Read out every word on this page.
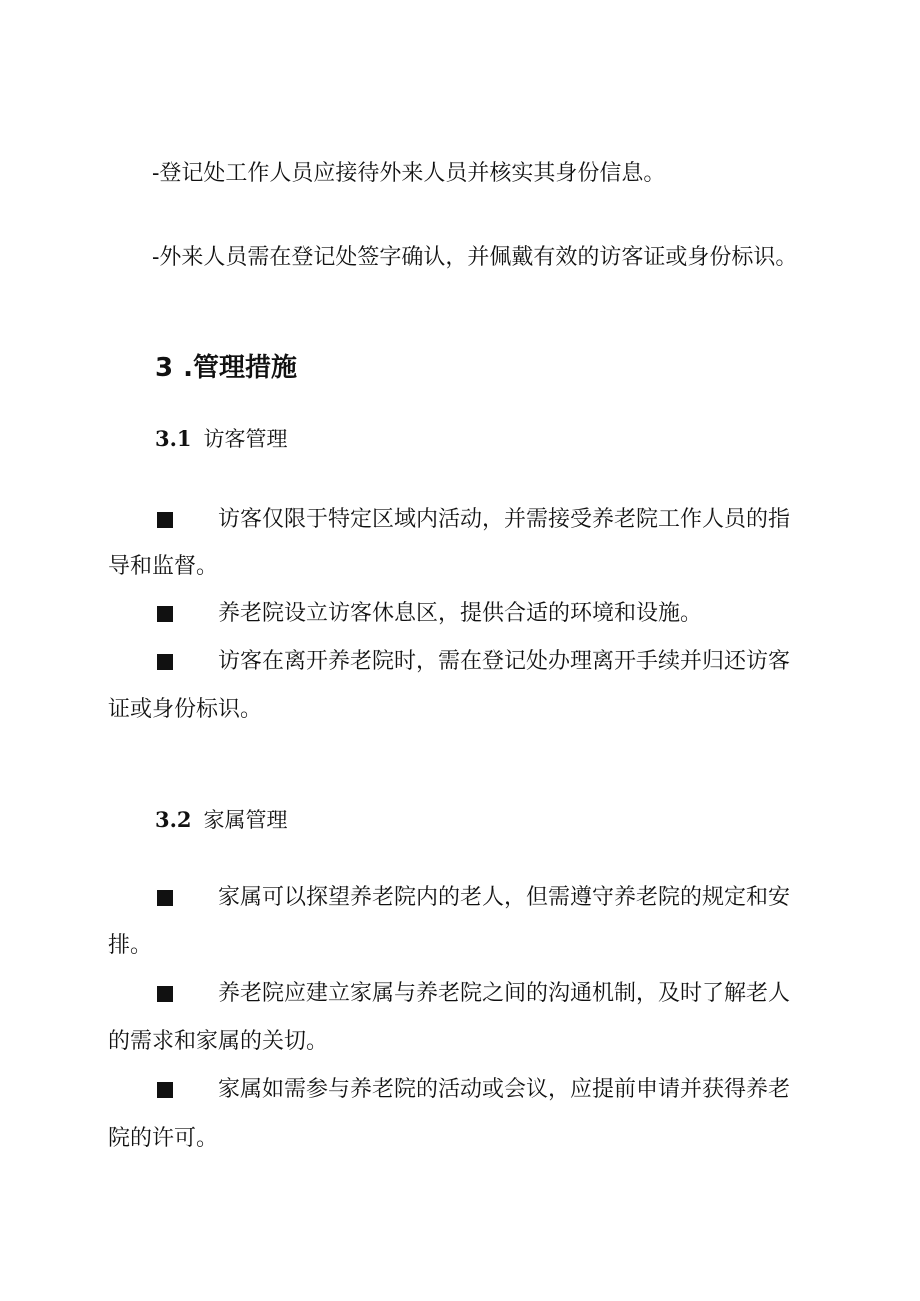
-登记处工作人员应接待外来人员并核实其身份信息。
-外来人员需在登记处签字确认，并佩戴有效的访客证或身份标识。
3 .管理措施
3.1 访客管理
访客仅限于特定区域内活动，并需接受养老院工作人员的指
导和监督。
养老院设立访客休息区，提供合适的环境和设施。
访客在离开养老院时，需在登记处办理离开手续并归还访客
证或身份标识。
3.2 家属管理
家属可以探望养老院内的老人，但需遵守养老院的规定和安
排。
养老院应建立家属与养老院之间的沟通机制，及时了解老人
的需求和家属的关切。
家属如需参与养老院的活动或会议，应提前申请并获得养老
院的许可。
